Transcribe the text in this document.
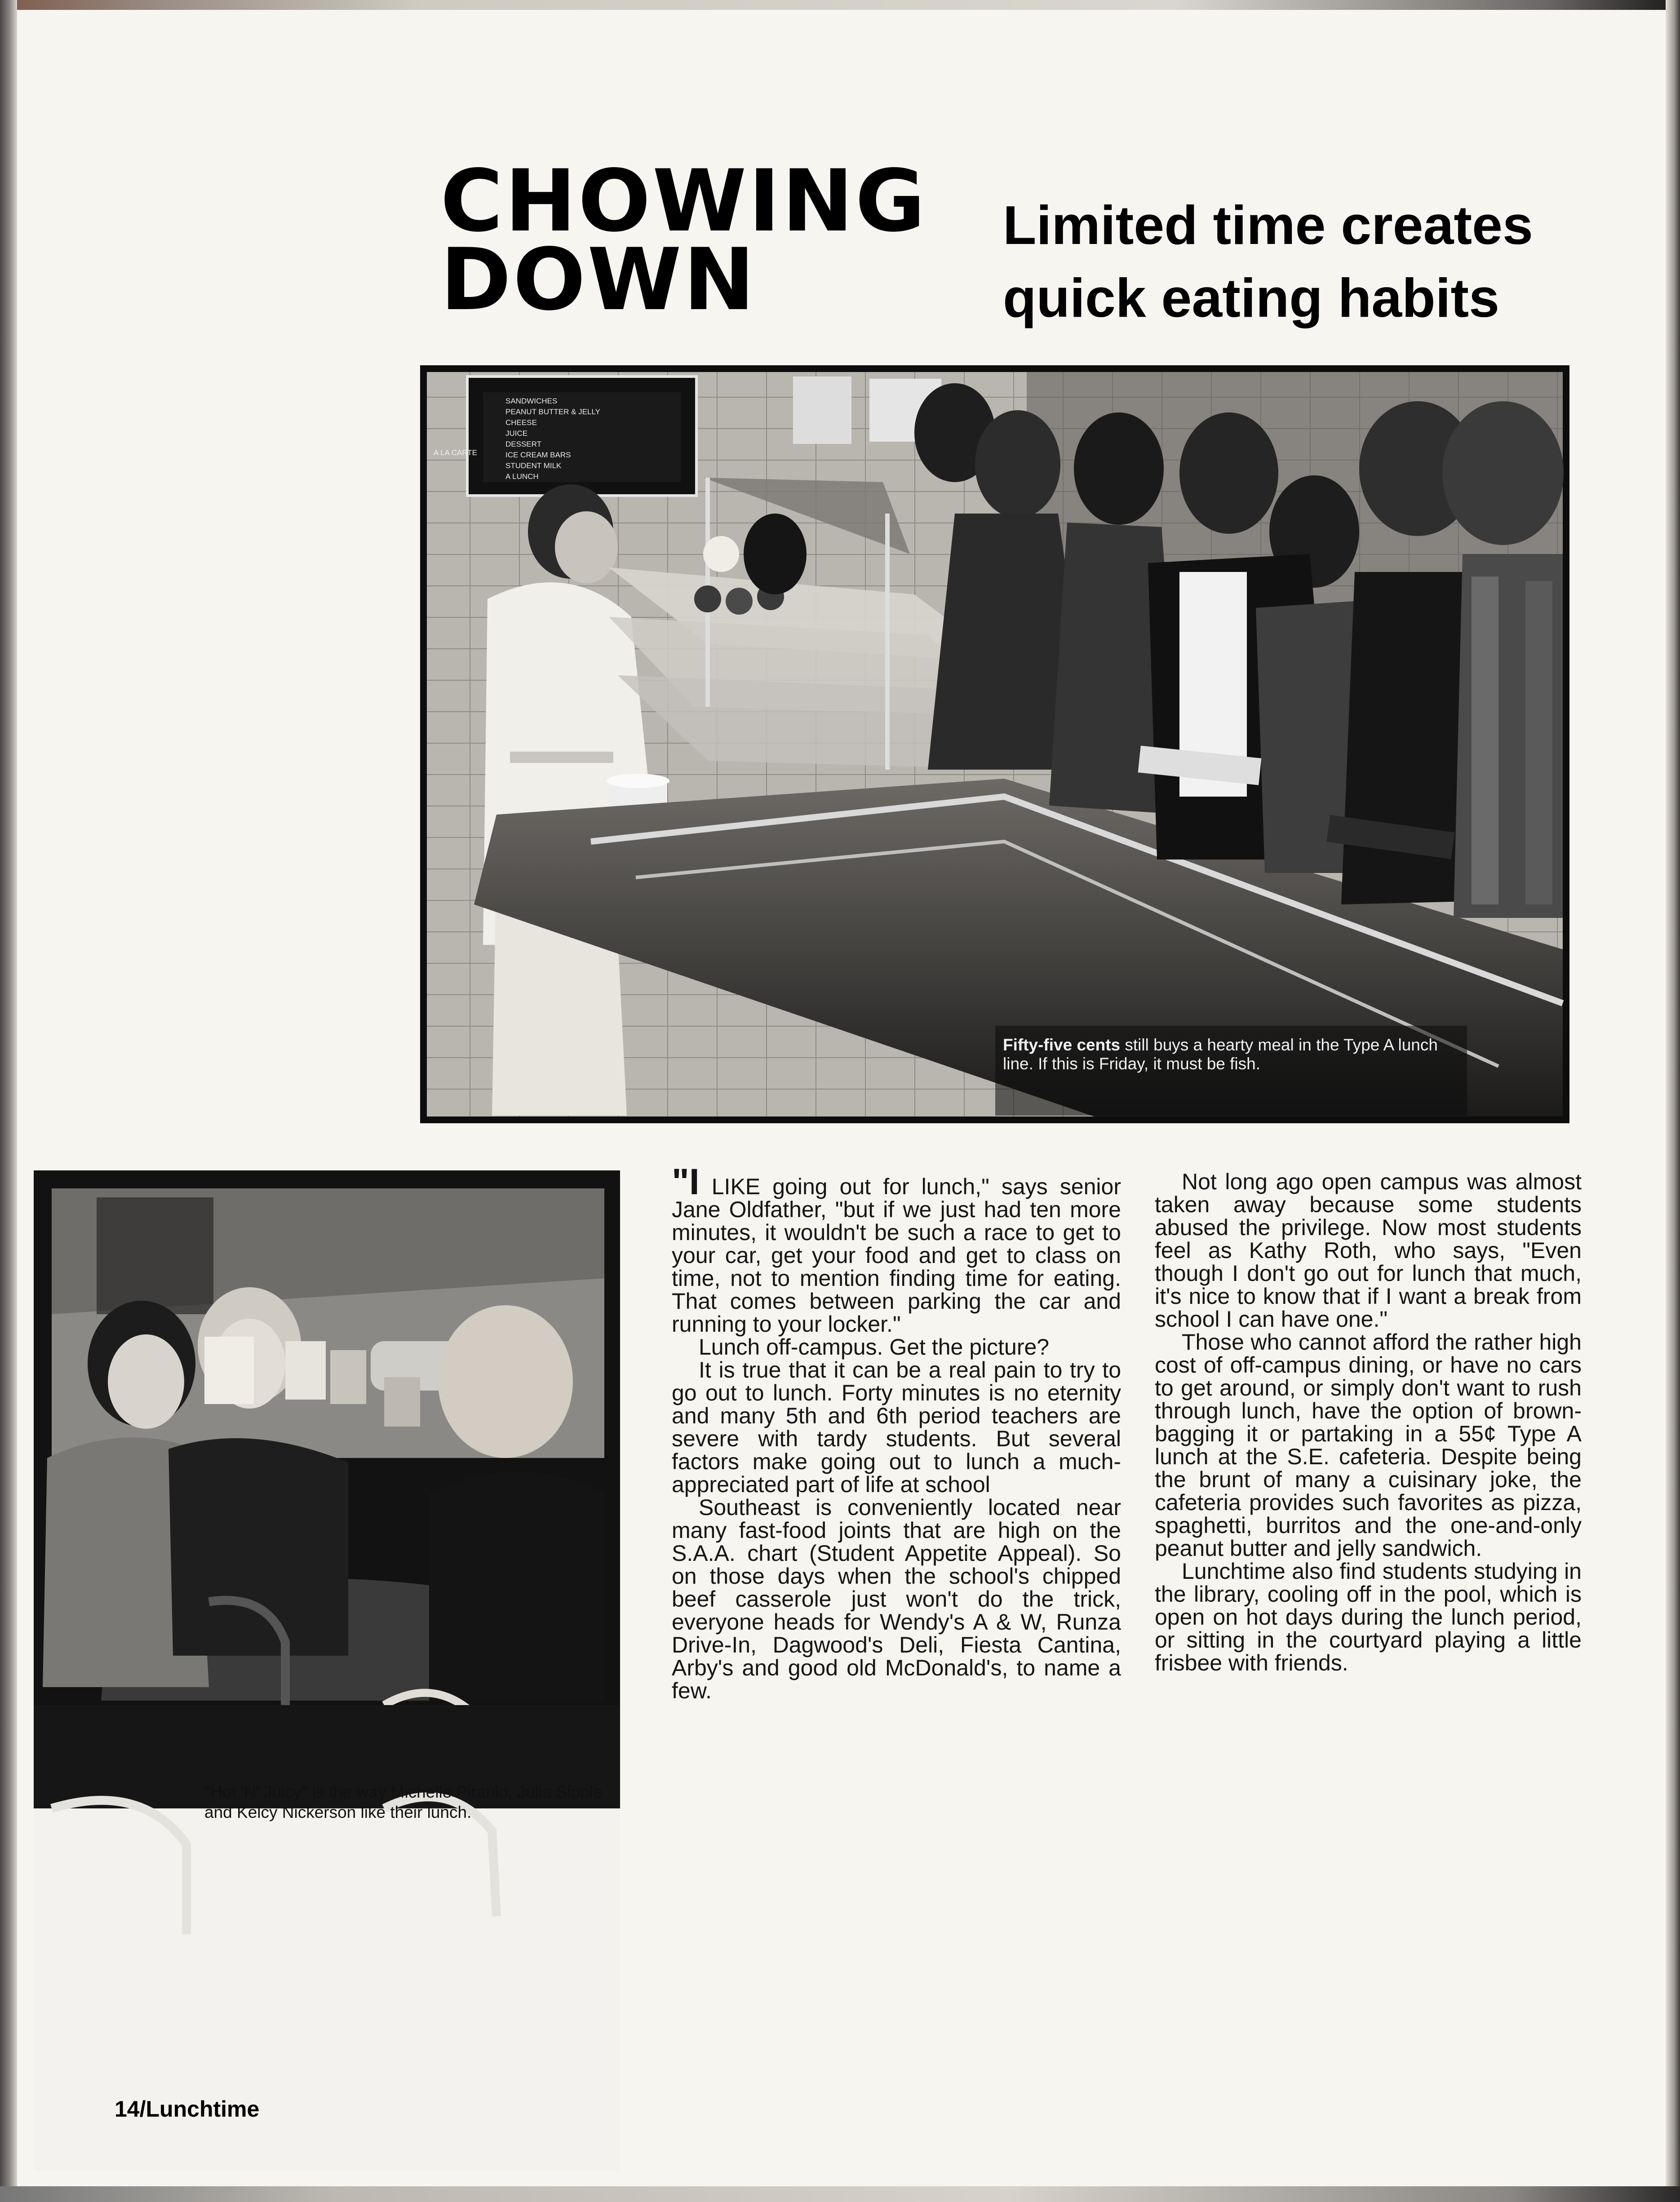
CHOWING
DOWN
Limited time creates
quick eating habits
SANDWICHES
PEANUT BUTTER & JELLY
CHEESE
JUICE
DESSERT
ICE CREAM BARS
STUDENT MILK
A LUNCH
A LA CARTE
Fifty-five cents still buys a hearty meal in the Type A lunch line. If this is Friday, it must be fish.
"Hot 'N' Juicy" is the way Michelle Piranio, Julia Sipple and Kelcy Nickerson like their lunch.

"I LIKE going out for lunch," says senior Jane Oldfather, "but if we just had ten more minutes, it wouldn't be such a race to get to your car, get your food and get to class on time, not to mention finding time for eating. That comes between parking the car and running to your locker."

Lunch off-campus. Get the picture?

It is true that it can be a real pain to try to go out to lunch. Forty minutes is no eternity and many 5th and 6th period teachers are severe with tardy students. But several factors make going out to lunch a much-appreciated part of life at school

Southeast is conveniently located near many fast-food joints that are high on the S.A.A. chart (Student Appetite Appeal). So on those days when the school's chipped beef casserole just won't do the trick, everyone heads for Wendy's A & W, Runza Drive-In, Dagwood's Deli, Fiesta Cantina, Arby's and good old McDonald's, to name a few.

Not long ago open campus was almost taken away because some students abused the privilege. Now most students feel as Kathy Roth, who says, "Even though I don't go out for lunch that much, it's nice to know that if I want a break from school I can have one."

Those who cannot afford the rather high cost of off-campus dining, or have no cars to get around, or simply don't want to rush through lunch, have the option of brown-bagging it or partaking in a 55¢ Type A lunch at the S.E. cafeteria. Despite being the brunt of many a cuisinary joke, the cafeteria provides such favorites as pizza, spaghetti, burritos and the one-and-only peanut butter and jelly sandwich.

Lunchtime also find students studying in the library, cooling off in the pool, which is open on hot days during the lunch period, or sitting in the courtyard playing a little frisbee with friends.

14/Lunchtime
